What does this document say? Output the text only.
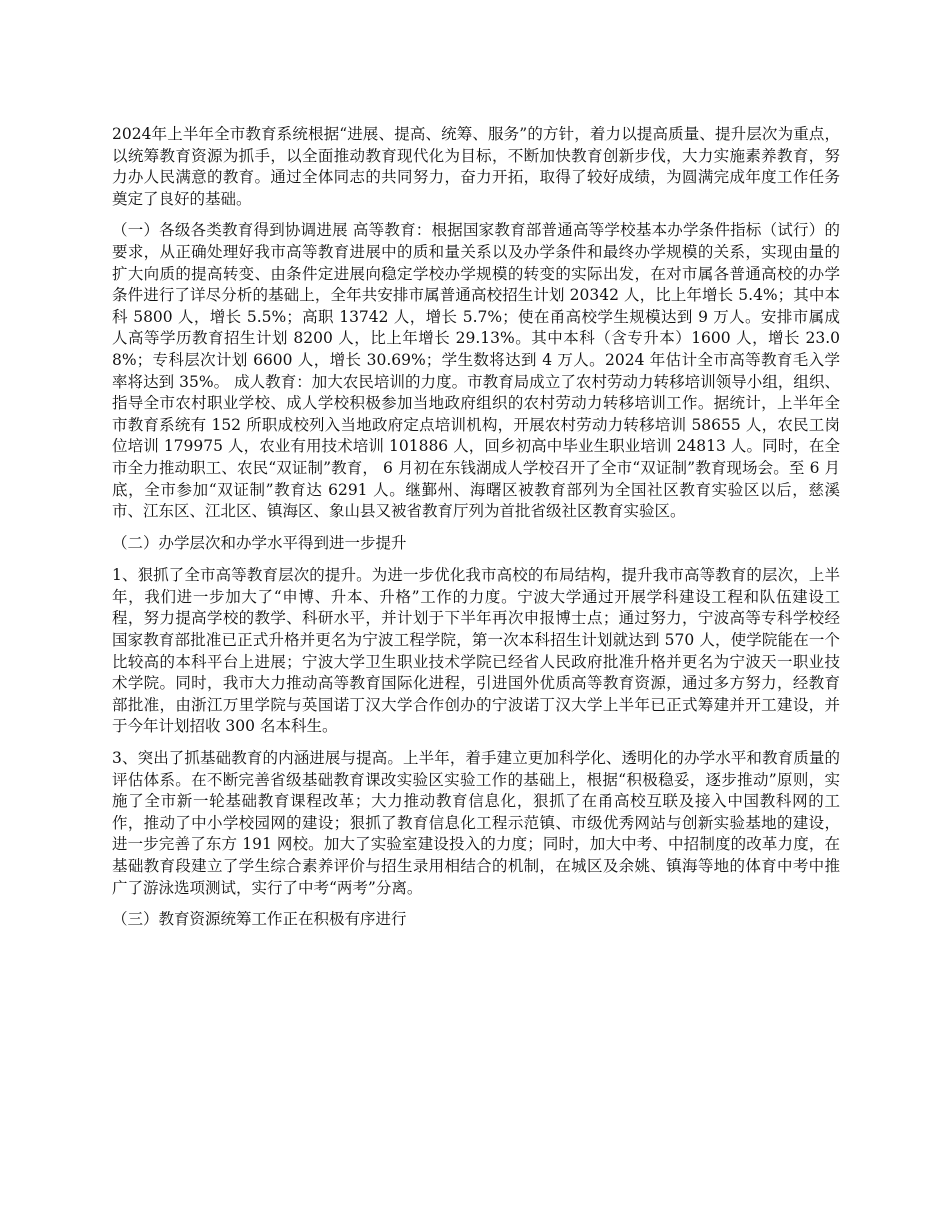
2024年上半年全市教育系统根据“进展、提高、统筹、服务”的方针，着力以提高质量、提升层次为重点，以统筹教育资源为抓手，以全面推动教育现代化为目标，不断加快教育创新步伐，大力实施素养教育，努力办人民满意的教育。通过全体同志的共同努力，奋力开拓，取得了较好成绩，为圆满完成年度工作任务奠定了良好的基础。

（一）各级各类教育得到协调进展 高等教育：根据国家教育部普通高等学校基本办学条件指标（试行）的要求，从正确处理好我市高等教育进展中的质和量关系以及办学条件和最终办学规模的关系，实现由量的扩大向质的提高转变、由条件定进展向稳定学校办学规模的转变的实际出发，在对市属各普通高校的办学条件进行了详尽分析的基础上，全年共安排市属普通高校招生计划 20342 人，比上年增长 5.4%；其中本科 5800 人，增长 5.5%；高职 13742 人，增长 5.7%；使在甬高校学生规模达到 9 万人。安排市属成人高等学历教育招生计划 8200 人，比上年增长 29.13%。其中本科（含专升本）1600 人，增长 23.08%；专科层次计划 6600 人，增长 30.69%；学生数将达到 4 万人。2024 年估计全市高等教育毛入学率将达到 35%。 成人教育：加大农民培训的力度。市教育局成立了农村劳动力转移培训领导小组，组织、指导全市农村职业学校、成人学校积极参加当地政府组织的农村劳动力转移培训工作。据统计，上半年全市教育系统有 152 所职成校列入当地政府定点培训机构，开展农村劳动力转移培训 58655 人，农民工岗位培训 179975 人，农业有用技术培训 101886 人，回乡初高中毕业生职业培训 24813 人。同时，在全市全力推动职工、农民“双证制”教育， 6 月初在东钱湖成人学校召开了全市“双证制”教育现场会。至 6 月底，全市参加“双证制”教育达 6291 人。继鄞州、海曙区被教育部列为全国社区教育实验区以后，慈溪市、江东区、江北区、镇海区、象山县又被省教育厅列为首批省级社区教育实验区。

（二）办学层次和办学水平得到进一步提升

1、狠抓了全市高等教育层次的提升。为进一步优化我市高校的布局结构，提升我市高等教育的层次，上半年，我们进一步加大了“申博、升本、升格”工作的力度。宁波大学通过开展学科建设工程和队伍建设工程，努力提高学校的教学、科研水平，并计划于下半年再次申报博士点；通过努力，宁波高等专科学校经国家教育部批准已正式升格并更名为宁波工程学院，第一次本科招生计划就达到 570 人，使学院能在一个比较高的本科平台上进展；宁波大学卫生职业技术学院已经省人民政府批准升格并更名为宁波天一职业技术学院。同时，我市大力推动高等教育国际化进程，引进国外优质高等教育资源，通过多方努力，经教育部批准，由浙江万里学院与英国诺丁汉大学合作创办的宁波诺丁汉大学上半年已正式筹建并开工建设，并于今年计划招收 300 名本科生。

3、突出了抓基础教育的内涵进展与提高。上半年，着手建立更加科学化、透明化的办学水平和教育质量的评估体系。在不断完善省级基础教育课改实验区实验工作的基础上，根据“积极稳妥，逐步推动”原则，实施了全市新一轮基础教育课程改革；大力推动教育信息化，狠抓了在甬高校互联及接入中国教科网的工作，推动了中小学校园网的建设；狠抓了教育信息化工程示范镇、市级优秀网站与创新实验基地的建设，进一步完善了东方 191 网校。加大了实验室建设投入的力度；同时，加大中考、中招制度的改革力度，在基础教育段建立了学生综合素养评价与招生录用相结合的机制，在城区及余姚、镇海等地的体育中考中推广了游泳选项测试，实行了中考“两考”分离。

（三）教育资源统筹工作正在积极有序进行
